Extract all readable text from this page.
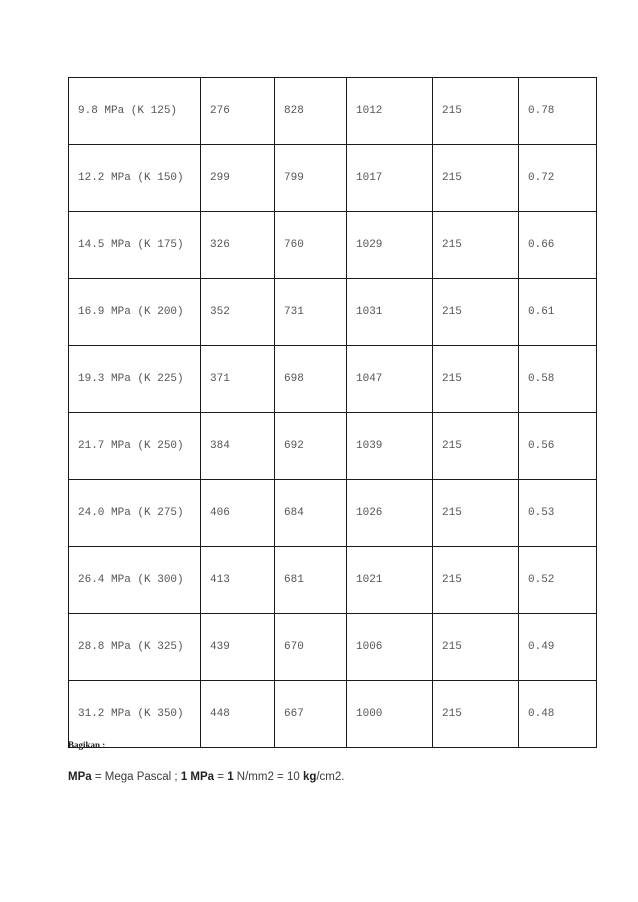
9.8 MPa (K 125)	276	828	1012	215	0.78
12.2 MPa (K 150)	299	799	1017	215	0.72
14.5 MPa (K 175)	326	760	1029	215	0.66
16.9 MPa (K 200)	352	731	1031	215	0.61
19.3 MPa (K 225)	371	698	1047	215	0.58
21.7 MPa (K 250)	384	692	1039	215	0.56
24.0 MPa (K 275)	406	684	1026	215	0.53
26.4 MPa (K 300)	413	681	1021	215	0.52
28.8 MPa (K 325)	439	670	1006	215	0.49
31.2 MPa (K 350)	448	667	1000	215	0.48
Bagikan :
MPa = Mega Pascal ; 1 MPa = 1 N/mm2 = 10 kg/cm2.
